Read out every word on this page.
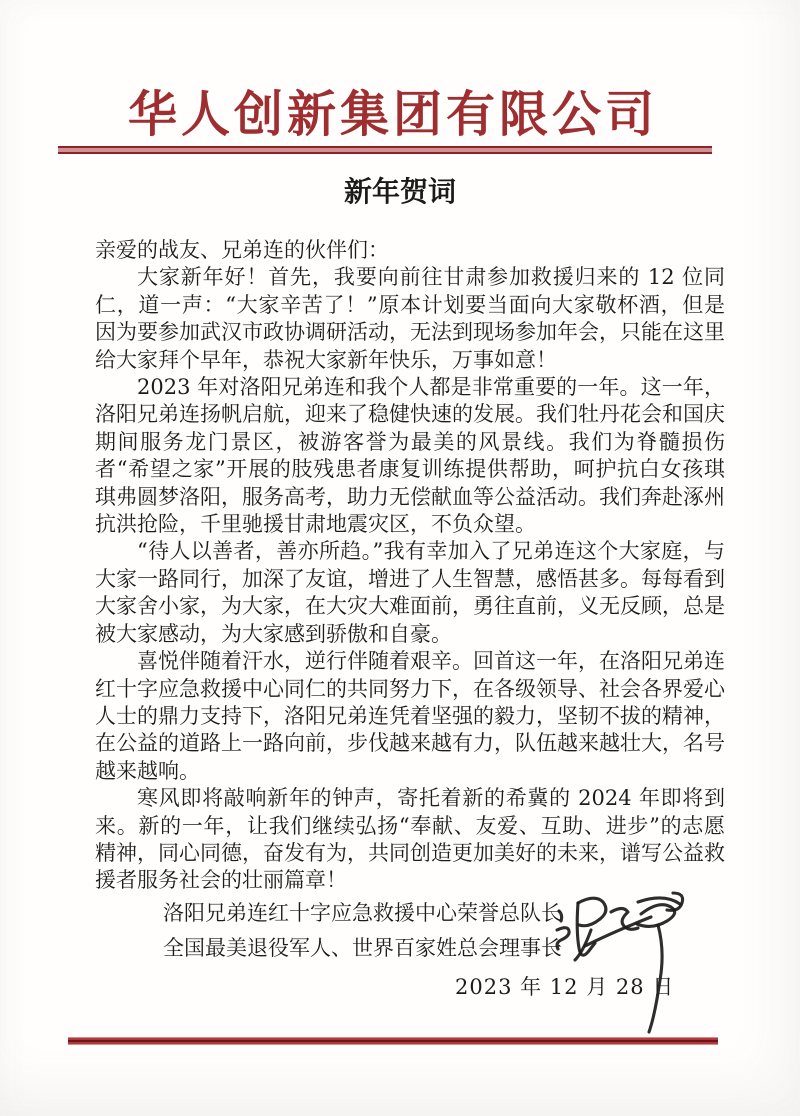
华人创新集团有限公司
新年贺词

亲爱的战友、兄弟连的伙伴们：

大家新年好！首先，我要向前往甘肃参加救援归来的 12 位同仁，道一声：“大家辛苦了！”原本计划要当面向大家敬杯酒，但是因为要参加武汉市政协调研活动，无法到现场参加年会，只能在这里给大家拜个早年，恭祝大家新年快乐，万事如意！

2023 年对洛阳兄弟连和我个人都是非常重要的一年。这一年，洛阳兄弟连扬帆启航，迎来了稳健快速的发展。我们牡丹花会和国庆期间服务龙门景区，被游客誉为最美的风景线。我们为脊髓损伤者“希望之家”开展的肢残患者康复训练提供帮助，呵护抗白女孩琪琪弗圆梦洛阳，服务高考，助力无偿献血等公益活动。我们奔赴涿州抗洪抢险，千里驰援甘肃地震灾区，不负众望。

“待人以善者，善亦所趋。”我有幸加入了兄弟连这个大家庭，与大家一路同行，加深了友谊，增进了人生智慧，感悟甚多。每每看到大家舍小家，为大家，在大灾大难面前，勇往直前，义无反顾，总是被大家感动，为大家感到骄傲和自豪。

喜悦伴随着汗水，逆行伴随着艰辛。回首这一年，在洛阳兄弟连红十字应急救援中心同仁的共同努力下，在各级领导、社会各界爱心人士的鼎力支持下，洛阳兄弟连凭着坚强的毅力，坚韧不拔的精神，在公益的道路上一路向前，步伐越来越有力，队伍越来越壮大，名号越来越响。

寒风即将敲响新年的钟声，寄托着新的希冀的 2024 年即将到来。新的一年，让我们继续弘扬“奉献、友爱、互助、进步”的志愿精神，同心同德，奋发有为，共同创造更加美好的未来，谱写公益救援者服务社会的壮丽篇章！

洛阳兄弟连红十字应急救援中心荣誉总队长
全国最美退役军人、世界百家姓总会理事长
2023 年 12 月 28 日
